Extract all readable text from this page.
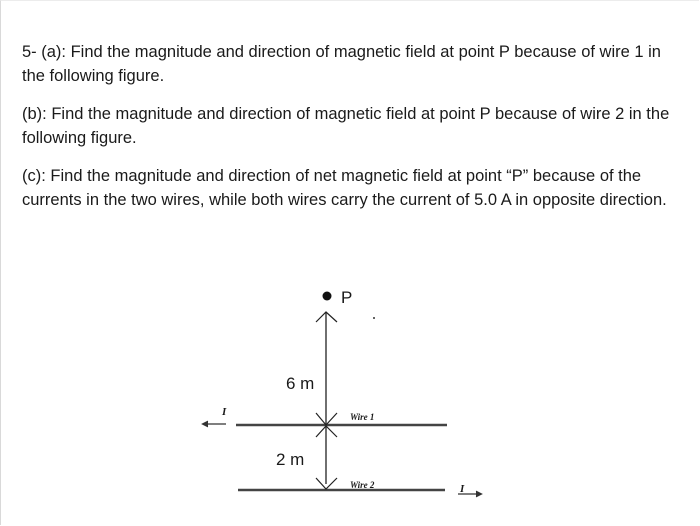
5- (a): Find the magnitude and direction of magnetic field at point P because of wire 1 in the following figure.

(b): Find the magnitude and direction of magnetic field at point P because of wire 2 in the following figure.

(c): Find the magnitude and direction of net magnetic field at point “P” because of the currents in the two wires, while both wires carry the current of 5.0 A in opposite direction.

P
I	Wire 1
6 m
2 m
I
Wire 2
